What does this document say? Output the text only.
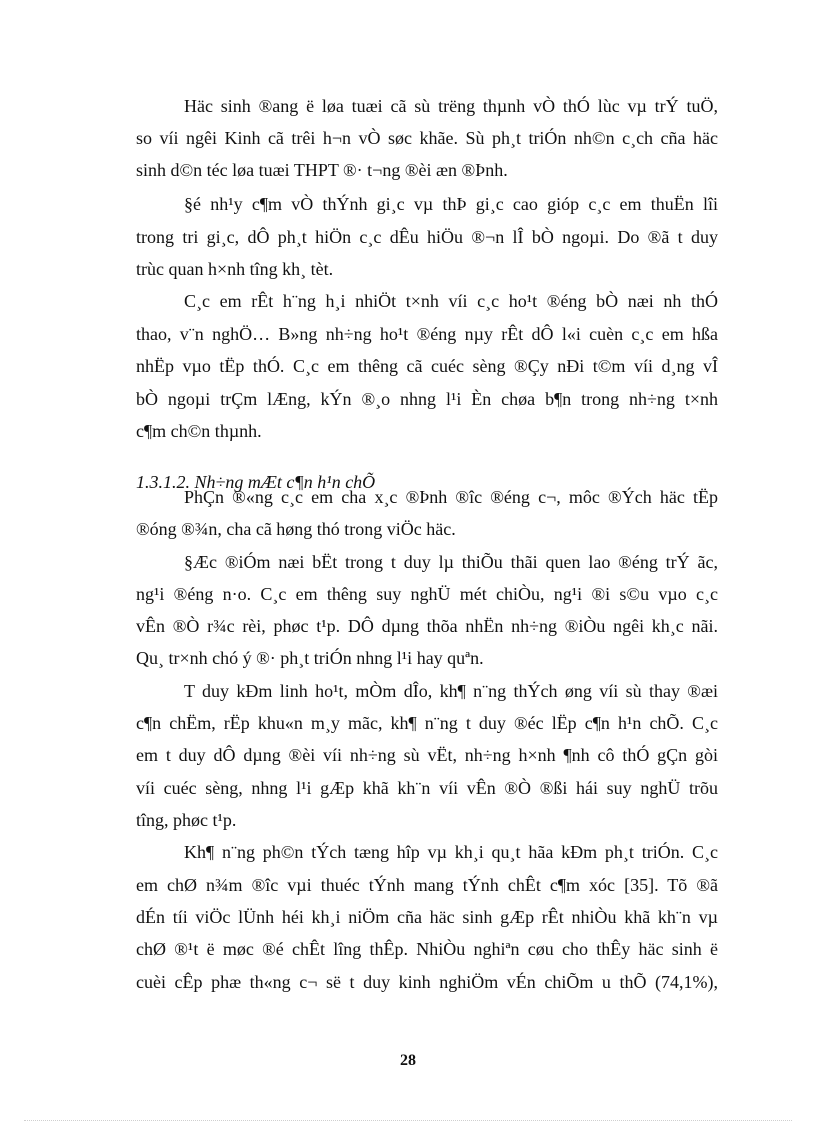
Häc sinh ®ang ë løa tuæi cã sù trëng thµnh vÒ thÓ lùc vµ trÝ tuÖ,

so víi ngêi Kinh cã trêi h¬n vÒ søc khãe. Sù ph¸t triÓn nh©n c¸ch cña häc

sinh d©n téc løa tuæi THPT ®· t¬ng ®èi æn ®Þnh.

§é nh¹y c¶m vÒ thÝnh gi¸c vµ thÞ gi¸c cao gióp c¸c em thuËn lîi

trong tri gi¸c, dÔ ph¸t hiÖn c¸c dÊu hiÖu ®¬n lÎ bÒ ngoµi. Do ®ã t duy

trùc quan h×nh tîng kh¸ tèt.

C¸c em rÊt h¨ng h¸i nhiÖt t×nh víi c¸c ho¹t ®éng bÒ næi nh thÓ

thao, v¨n nghÖ… B»ng nh÷ng ho¹t ®éng nµy rÊt dÔ l«i cuèn c¸c em hßa

nhËp vµo tËp thÓ. C¸c em thêng cã cuéc sèng ®Çy nÐi t©m víi d¸ng vÎ

bÒ ngoµi trÇm lÆng, kÝn ®¸o nhng l¹i Èn chøa b¶n trong nh÷ng t×nh

c¶m ch©n thµnh.

1.3.1.2. Nh÷ng mÆt c¶n h¹n chÕ

PhÇn ®«ng c¸c em cha x¸c ®Þnh ®îc ®éng c¬, môc ®Ých häc tËp

®óng ®¾n, cha cã høng thó trong viÖc häc.

§Æc ®iÓm næi bËt trong t duy lµ thiÕu thãi quen lao ®éng trÝ ãc,

ng¹i ®éng n·o. C¸c em thêng suy nghÜ mét chiÒu, ng¹i ®i s©u vµo c¸c

vÊn ®Ò r¾c rèi, phøc t¹p. DÔ dµng thõa nhËn nh÷ng ®iÒu ngêi kh¸c nãi.

Qu¸ tr×nh chó ý ®· ph¸t triÓn nhng l¹i hay quªn.

T duy kÐm linh ho¹t, mÒm dÎo, kh¶ n¨ng thÝch øng víi sù thay ®æi

c¶n chËm, rËp khu«n m¸y mãc, kh¶ n¨ng t duy ®éc lËp c¶n h¹n chÕ. C¸c

em t duy dÔ dµng ®èi víi nh÷ng sù vËt, nh÷ng h×nh ¶nh cô thÓ gÇn gòi

víi cuéc sèng, nhng l¹i gÆp khã kh¨n víi vÊn ®Ò ®ßi hái suy nghÜ trõu

tîng, phøc t¹p.

Kh¶ n¨ng ph©n tÝch tæng hîp vµ kh¸i qu¸t hãa kÐm ph¸t triÓn. C¸c

em chØ n¾m ®îc vµi thuéc tÝnh mang tÝnh chÊt c¶m xóc [35]. Tõ ®ã

dÉn tíi viÖc lÜnh héi kh¸i niÖm cña häc sinh gÆp rÊt nhiÒu khã kh¨n vµ

chØ ®¹t ë møc ®é chÊt lîng thÊp. NhiÒu nghiªn cøu cho thÊy häc sinh ë

cuèi cÊp phæ th«ng c¬ së t duy kinh nghiÖm vÉn chiÕm u thÕ (74,1%),

28
